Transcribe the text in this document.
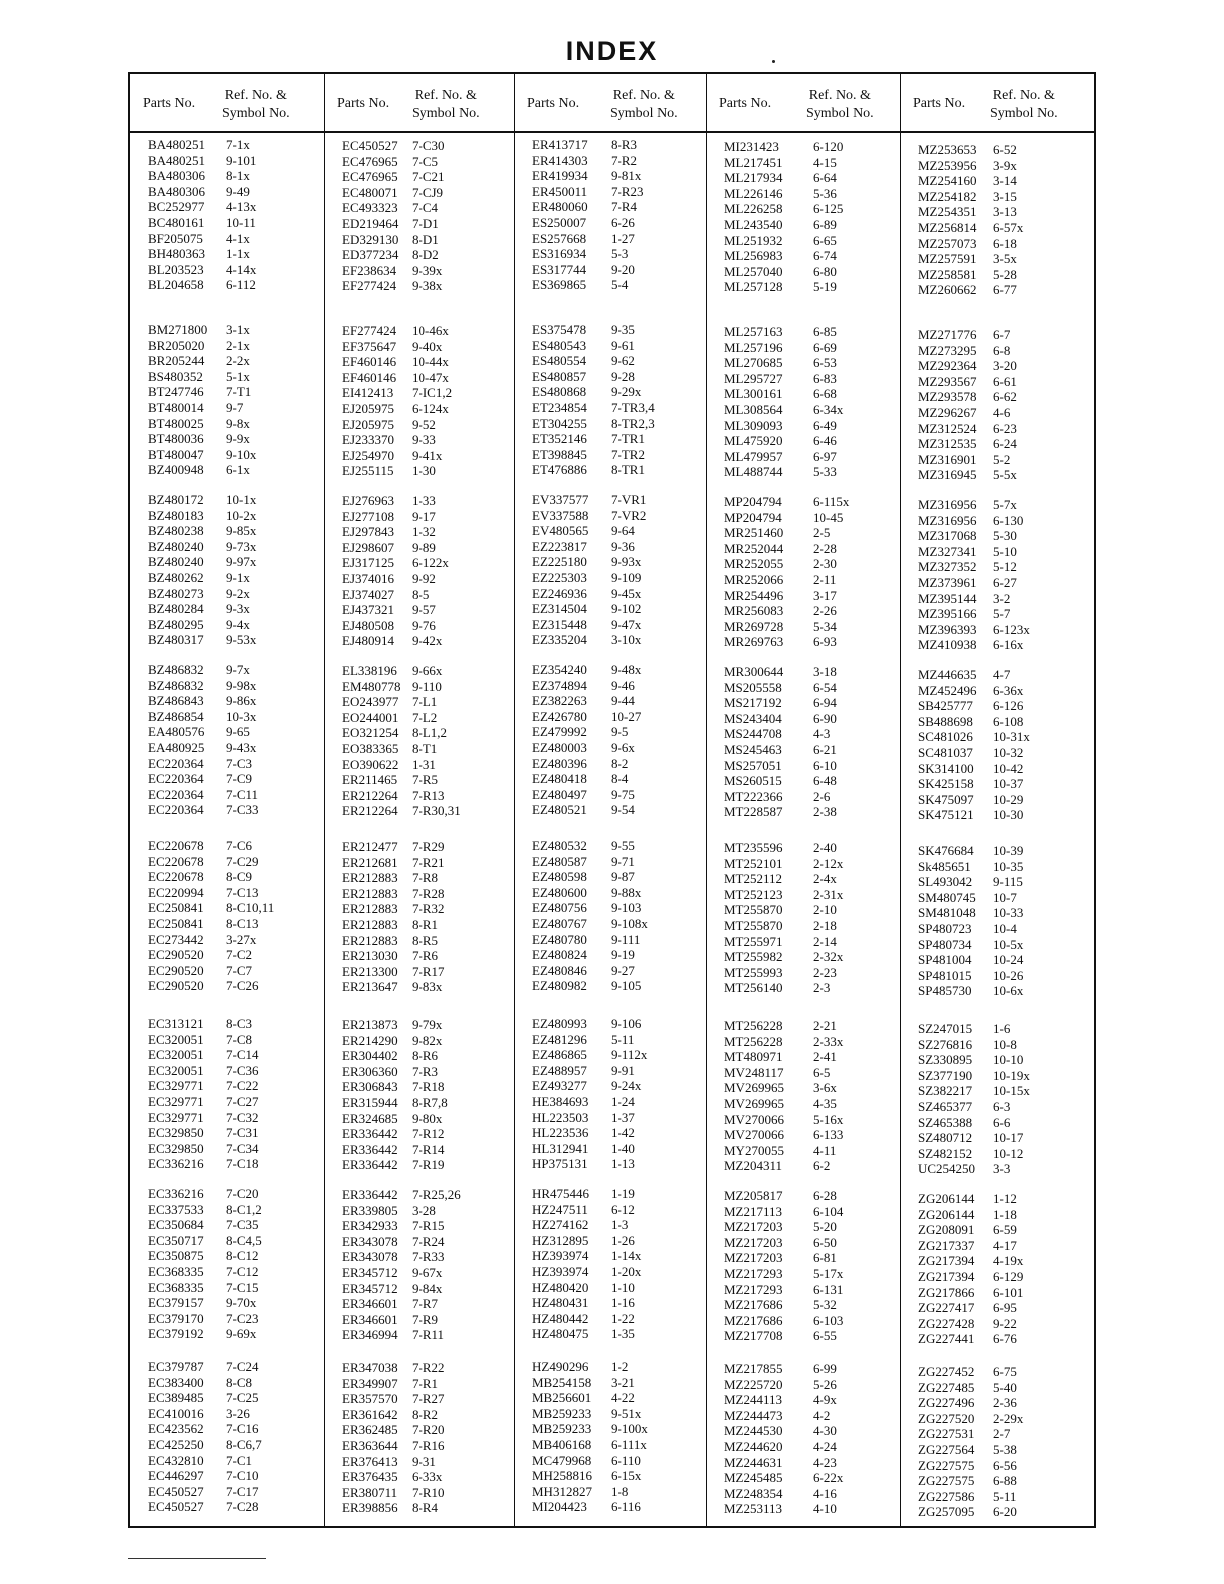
INDEX
Parts No.
Ref. No. &
Symbol No.
BA480251 7-1x
BA480251 9-101
BA480306 8-1x
BA480306 9-49
BC252977 4-13x
BC480161 10-11
BF205075 4-1x
BH480363 1-1x
BL203523 4-14x
BL204658 6-112
BM271800 3-1x
BR205020 2-1x
BR205244 2-2x
BS480352 5-1x
BT247746 7-T1
BT480014 9-7
BT480025 9-8x
BT480036 9-9x
BT480047 9-10x
BZ400948 6-1x
BZ480172 10-1x
BZ480183 10-2x
BZ480238 9-85x
BZ480240 9-73x
BZ480240 9-97x
BZ480262 9-1x
BZ480273 9-2x
BZ480284 9-3x
BZ480295 9-4x
BZ480317 9-53x
BZ486832 9-7x
BZ486832 9-98x
BZ486843 9-86x
BZ486854 10-3x
EA480576 9-65
EA480925 9-43x
EC220364 7-C3
EC220364 7-C9
EC220364 7-C11
EC220364 7-C33
EC220678 7-C6
EC220678 7-C29
EC220678 8-C9
EC220994 7-C13
EC250841 8-C10,11
EC250841 8-C13
EC273442 3-27x
EC290520 7-C2
EC290520 7-C7
EC290520 7-C26
EC313121 8-C3
EC320051 7-C8
EC320051 7-C14
EC320051 7-C36
EC329771 7-C22
EC329771 7-C27
EC329771 7-C32
EC329850 7-C31
EC329850 7-C34
EC336216 7-C18
EC336216 7-C20
EC337533 8-C1,2
EC350684 7-C35
EC350717 8-C4,5
EC350875 8-C12
EC368335 7-C12
EC368335 7-C15
EC379157 9-70x
EC379170 7-C23
EC379192 9-69x
EC379787 7-C24
EC383400 8-C8
EC389485 7-C25
EC410016 3-26
EC423562 7-C16
EC425250 8-C6,7
EC432810 7-C1
EC446297 7-C10
EC450527 7-C17
EC450527 7-C28
Parts No.
Ref. No. &
Symbol No.
EC450527 7-C30
EC476965 7-C5
EC476965 7-C21
EC480071 7-CJ9
EC493323 7-C4
ED219464 7-D1
ED329130 8-D1
ED377234 8-D2
EF238634 9-39x
EF277424 9-38x
EF277424 10-46x
EF375647 9-40x
EF460146 10-44x
EF460146 10-47x
EI412413 7-IC1,2
EJ205975 6-124x
EJ205975 9-52
EJ233370 9-33
EJ254970 9-41x
EJ255115 1-30
EJ276963 1-33
EJ277108 9-17
EJ297843 1-32
EJ298607 9-89
EJ317125 6-122x
EJ374016 9-92
EJ374027 8-5
EJ437321 9-57
EJ480508 9-76
EJ480914 9-42x
EL338196 9-66x
EM480778 9-110
EO243977 7-L1
EO244001 7-L2
EO321254 8-L1,2
EO383365 8-T1
EO390622 1-31
ER211465 7-R5
ER212264 7-R13
ER212264 7-R30,31
ER212477 7-R29
ER212681 7-R21
ER212883 7-R8
ER212883 7-R28
ER212883 7-R32
ER212883 8-R1
ER212883 8-R5
ER213030 7-R6
ER213300 7-R17
ER213647 9-83x
ER213873 9-79x
ER214290 9-82x
ER304402 8-R6
ER306360 7-R3
ER306843 7-R18
ER315944 8-R7,8
ER324685 9-80x
ER336442 7-R12
ER336442 7-R14
ER336442 7-R19
ER336442 7-R25,26
ER339805 3-28
ER342933 7-R15
ER343078 7-R24
ER343078 7-R33
ER345712 9-67x
ER345712 9-84x
ER346601 7-R7
ER346601 7-R9
ER346994 7-R11
ER347038 7-R22
ER349907 7-R1
ER357570 7-R27
ER361642 8-R2
ER362485 7-R20
ER363644 7-R16
ER376413 9-31
ER376435 6-33x
ER380711 7-R10
ER398856 8-R4
Parts No.
Ref. No. &
Symbol No.
ER413717 8-R3
ER414303 7-R2
ER419934 9-81x
ER450011 7-R23
ER480060 7-R4
ES250007 6-26
ES257668 1-27
ES316934 5-3
ES317744 9-20
ES369865 5-4
ES375478 9-35
ES480543 9-61
ES480554 9-62
ES480857 9-28
ES480868 9-29x
ET234854 7-TR3,4
ET304255 8-TR2,3
ET352146 7-TR1
ET398845 7-TR2
ET476886 8-TR1
EV337577 7-VR1
EV337588 7-VR2
EV480565 9-64
EZ223817 9-36
EZ225180 9-93x
EZ225303 9-109
EZ246936 9-45x
EZ314504 9-102
EZ315448 9-47x
EZ335204 3-10x
EZ354240 9-48x
EZ374894 9-46
EZ382263 9-44
EZ426780 10-27
EZ479992 9-5
EZ480003 9-6x
EZ480396 8-2
EZ480418 8-4
EZ480497 9-75
EZ480521 9-54
EZ480532 9-55
EZ480587 9-71
EZ480598 9-87
EZ480600 9-88x
EZ480756 9-103
EZ480767 9-108x
EZ480780 9-111
EZ480824 9-19
EZ480846 9-27
EZ480982 9-105
EZ480993 9-106
EZ481296 5-11
EZ486865 9-112x
EZ488957 9-91
EZ493277 9-24x
HE384693 1-24
HL223503 1-37
HL223536 1-42
HL312941 1-40
HP375131 1-13
HR475446 1-19
HZ247511 6-12
HZ274162 1-3
HZ312895 1-26
HZ393974 1-14x
HZ393974 1-20x
HZ480420 1-10
HZ480431 1-16
HZ480442 1-22
HZ480475 1-35
HZ490296 1-2
MB254158 3-21
MB256601 4-22
MB259233 9-51x
MB259233 9-100x
MB406168 6-111x
MC479968 6-110
MH258816 6-15x
MH312827 1-8
MI204423 6-116
Parts No.
Ref. No. &
Symbol No.
MI231423	6-120
ML217451 4-15
ML217934 6-64
ML226146 5-36
ML226258 6-125
ML243540 6-89
ML251932 6-65
ML256983 6-74
ML257040 6-80
ML257128 5-19
ML257163 6-85
ML257196 6-69
ML270685 6-53
ML295727 6-83
ML300161 6-68
ML308564 6-34x
ML309093 6-49
ML475920 6-46
ML479957 6-97
ML488744 5-33
MP204794 6-115x
MP204794 10-45
MR251460 2-5
MR252044 2-28
MR252055 2-30
MR252066 2-11
MR254496 3-17
MR256083 2-26
MR269728 5-34
MR269763 6-93
MR300644 3-18
MS205558 6-54
MS217192 6-94
MS243404 6-90
MS244708 4-3
MS245463 6-21
MS257051 6-10
MS260515 6-48
MT222366 2-6
MT228587 2-38
MT235596 2-40
MT252101 2-12x
MT252112 2-4x
MT252123 2-31x
MT255870 2-10
MT255870 2-18
MT255971 2-14
MT255982 2-32x
MT255993 2-23
MT256140 2-3
MT256228 2-21
MT256228 2-33x
MT480971 2-41
MV248117 6-5
MV269965 3-6x
MV269965 4-35
MV270066 5-16x
MV270066 6-133
MY270055 4-11
MZ204311 6-2
MZ205817 6-28
MZ217113 6-104
MZ217203 5-20
MZ217203 6-50
MZ217203 6-81
MZ217293 5-17x
MZ217293 6-131
MZ217686 5-32
MZ217686 6-103
MZ217708 6-55
MZ217855 6-99
MZ225720 5-26
MZ244113 4-9x
MZ244473 4-2
MZ244530 4-30
MZ244620 4-24
MZ244631 4-23
MZ245485 6-22x
MZ248354 4-16
MZ253113 4-10
Parts No.
Ref. No. &
Symbol No.
MZ253653 6-52
MZ253956 3-9x
MZ254160 3-14
MZ254182 3-15
MZ254351 3-13
MZ256814 6-57x
MZ257073 6-18
MZ257591 3-5x
MZ258581 5-28
MZ260662 6-77
MZ271776 6-7
MZ273295 6-8
MZ292364 3-20
MZ293567 6-61
MZ293578 6-62
MZ296267 4-6
MZ312524 6-23
MZ312535 6-24
MZ316901 5-2
MZ316945 5-5x
MZ316956 5-7x
MZ316956 6-130
MZ317068 5-30
MZ327341 5-10
MZ327352 5-12
MZ373961 6-27
MZ395144 3-2
MZ395166 5-7
MZ396393 6-123x
MZ410938 6-16x
MZ446635 4-7
MZ452496 6-36x
SB425777 6-126
SB488698 6-108
SC481026 10-31x
SC481037 10-32
SK314100 10-42
SK425158 10-37
SK475097 10-29
SK475121 10-30
SK476684 10-39
Sk485651 10-35
SL493042 9-115
SM480745 10-7
SM481048 10-33
SP480723 10-4
SP480734 10-5x
SP481004 10-24
SP481015 10-26
SP485730 10-6x
SZ247015 1-6
SZ276816 10-8
SZ330895 10-10
SZ377190 10-19x
SZ382217 10-15x
SZ465377 6-3
SZ465388 6-6
SZ480712 10-17
SZ482152 10-12
UC254250 3-3
ZG206144 1-12
ZG206144 1-18
ZG208091 6-59
ZG217337 4-17
ZG217394 4-19x
ZG217394 6-129
ZG217866 6-101
ZG227417 6-95
ZG227428 9-22
ZG227441 6-76
ZG227452 6-75
ZG227485 5-40
ZG227496 2-36
ZG227520 2-29x
ZG227531 2-7
ZG227564 5-38
ZG227575 6-56
ZG227575 6-88
ZG227586 5-11
ZG257095 6-20
